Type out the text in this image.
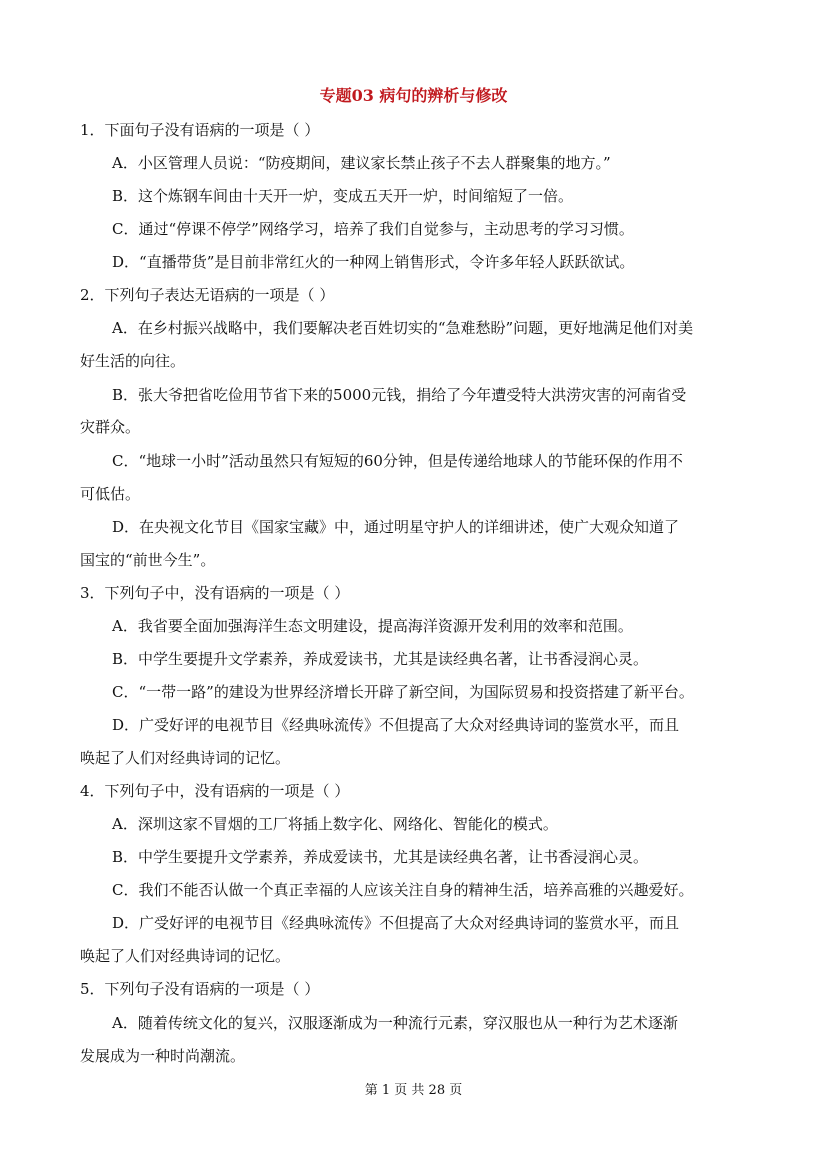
专题03 病句的辨析与修改
1．下面句子没有语病的一项是（ ）
A．小区管理人员说：“防疫期间，建议家长禁止孩子不去人群聚集的地方。”
B．这个炼钢车间由十天开一炉，变成五天开一炉，时间缩短了一倍。
C．通过“停课不停学”网络学习，培养了我们自觉参与，主动思考的学习习惯。
D．“直播带货”是目前非常红火的一种网上销售形式，令许多年轻人跃跃欲试。
2．下列句子表达无语病的一项是（ ）
A．在乡村振兴战略中，我们要解决老百姓切实的“急难愁盼”问题，更好地满足他们对美
好生活的向往。
B．张大爷把省吃俭用节省下来的5000元钱，捐给了今年遭受特大洪涝灾害的河南省受
灾群众。
C．“地球一小时”活动虽然只有短短的60分钟，但是传递给地球人的节能环保的作用不
可低估。
D．在央视文化节目《国家宝藏》中，通过明星守护人的详细讲述，使广大观众知道了
国宝的“前世今生”。
3．下列句子中，没有语病的一项是（ ）
A．我省要全面加强海洋生态文明建设，提高海洋资源开发利用的效率和范围。
B．中学生要提升文学素养，养成爱读书，尤其是读经典名著，让书香浸润心灵。
C．“一带一路”的建设为世界经济增长开辟了新空间，为国际贸易和投资搭建了新平台。
D．广受好评的电视节目《经典咏流传》不但提高了大众对经典诗词的鉴赏水平，而且
唤起了人们对经典诗词的记忆。
4．下列句子中，没有语病的一项是（ ）
A．深圳这家不冒烟的工厂将插上数字化、网络化、智能化的模式。
B．中学生要提升文学素养，养成爱读书，尤其是读经典名著，让书香浸润心灵。
C．我们不能否认做一个真正幸福的人应该关注自身的精神生活，培养高雅的兴趣爱好。
D．广受好评的电视节目《经典咏流传》不但提高了大众对经典诗词的鉴赏水平，而且
唤起了人们对经典诗词的记忆。
5．下列句子没有语病的一项是（ ）
A．随着传统文化的复兴，汉服逐渐成为一种流行元素，穿汉服也从一种行为艺术逐渐
发展成为一种时尚潮流。
第 1 页 共 28 页
